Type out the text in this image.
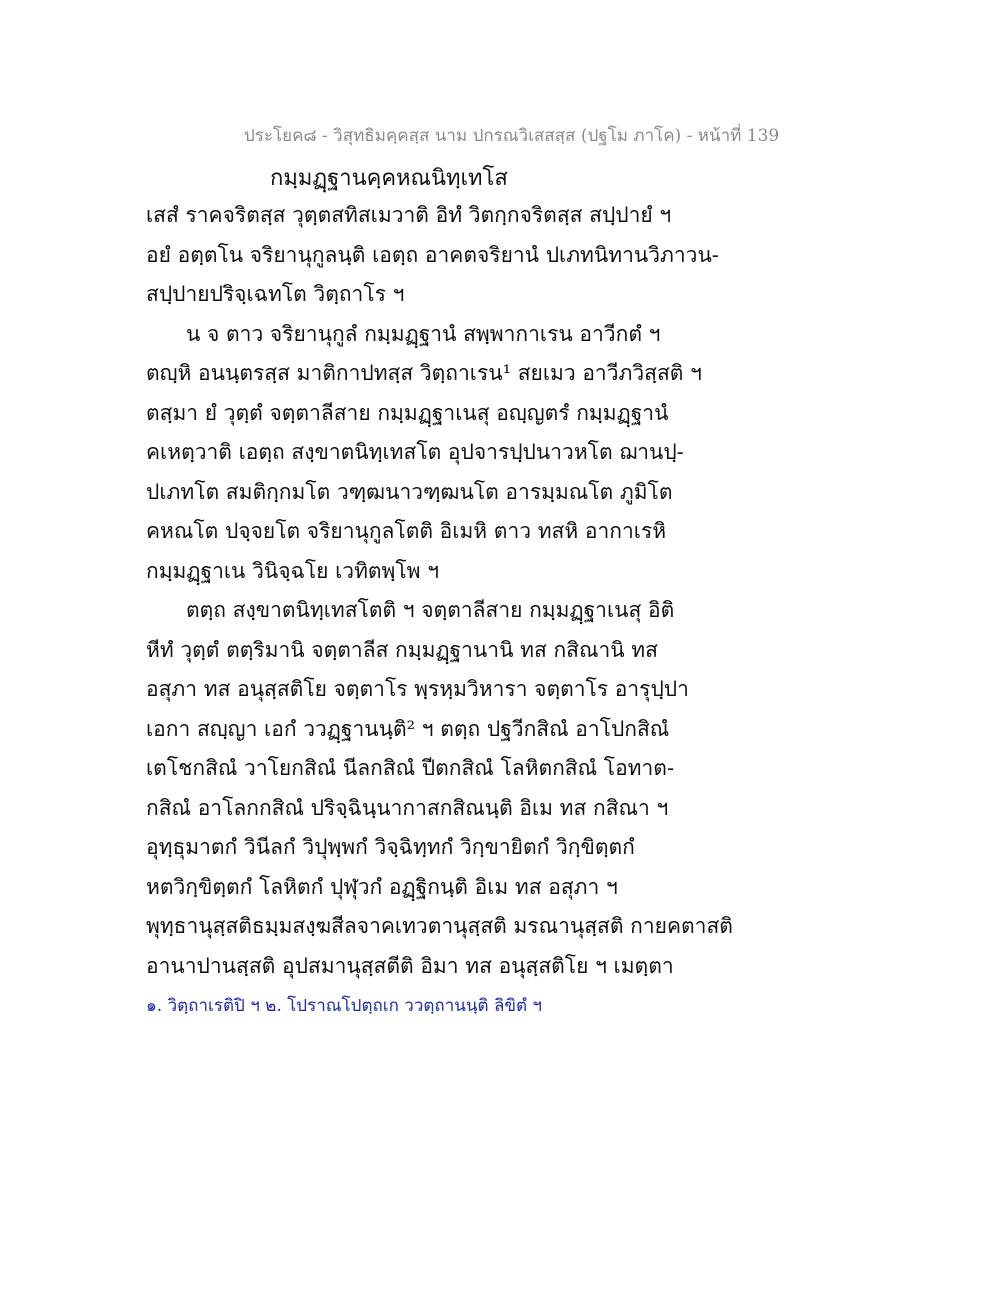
ประโยค๘ - วิสุทธิมคฺคสฺส นาม ปกรณวิเสสสฺส (ปฐโม ภาโค) - หน้าที่ 139
กมฺมฏฺฐานคฺคหณนิทฺเทโส
เสสํ ราคจริตสฺส วุตฺตสทิสเมวาติ อิทํ วิตกฺกจริตสฺส สปฺปายํ ฯ
อยํ อตฺตโน จริยานุกูลนฺติ เอตฺถ อาคตจริยานํ ปเภทนิทานวิภาวน-
สปฺปายปริจฺเฉทโต วิตฺถาโร ฯ
น จ ตาว จริยานุกูลํ กมฺมฏฺฐานํ สพฺพากาเรน อาวีกตํ ฯ
ตญฺหิ อนนฺตรสฺส มาติกาปทสฺส วิตฺถาเรน¹ สยเมว อาวีภวิสฺสติ ฯ
ตสฺมา ยํ วุตฺตํ จตฺตาลีสาย กมฺมฏฺฐาเนสุ อญฺญตรํ กมฺมฏฺฐานํ
คเหตฺวาติ เอตฺถ สงฺขาตนิทฺเทสโต อุปจารปฺปนาวหโต ฌานปฺ-
ปเภทโต สมติกฺกมโต วฑฺฒนาวฑฺฒนโต อารมฺมณโต ภูมิโต
คหณโต ปจฺจยโต จริยานุกูลโตติ อิเมหิ ตาว ทสหิ อากาเรหิ
กมฺมฏฺฐาเน วินิจฺฉโย เวทิตพฺโพ ฯ
ตตฺถ สงฺขาตนิทฺเทสโตติ ฯ จตฺตาลีสาย กมฺมฏฺฐาเนสุ อิติ
หีทํ วุตฺตํ ตตฺริมานิ จตฺตาลีส กมฺมฏฺฐานานิ ทส กสิณานิ ทส
อสุภา ทส อนุสฺสติโย จตฺตาโร พฺรหฺมวิหารา จตฺตาโร อารุปฺปา
เอกา สญฺญา เอกํ ววฏฺฐานนฺติ² ฯ ตตฺถ ปฐวีกสิณํ อาโปกสิณํ
เตโชกสิณํ วาโยกสิณํ นีลกสิณํ ปีตกสิณํ โลหิตกสิณํ โอทาต-
กสิณํ อาโลกกสิณํ ปริจฺฉินฺนากาสกสิณนฺติ อิเม ทส กสิณา ฯ
อุทฺธุมาตกํ วินีลกํ วิปุพฺพกํ วิจฺฉิทฺทกํ วิกฺขายิตกํ วิกฺขิตฺตกํ
หตวิกฺขิตฺตกํ โลหิตกํ ปุฬุวกํ อฏฺฐิกนฺติ อิเม ทส อสุภา ฯ
พุทฺธานุสฺสติธมฺมสงฺฆสีลจาคเทวตานุสฺสติ มรณานุสฺสติ กายคตาสติ
อานาปานสฺสติ อุปสมานุสฺสตีติ อิมา ทส อนุสฺสติโย ฯ เมตฺตา
๑. วิตฺถาเรติปิ ฯ ๒. โปราณโปตฺถเก ววตฺถานนฺติ ลิขิตํ ฯ
